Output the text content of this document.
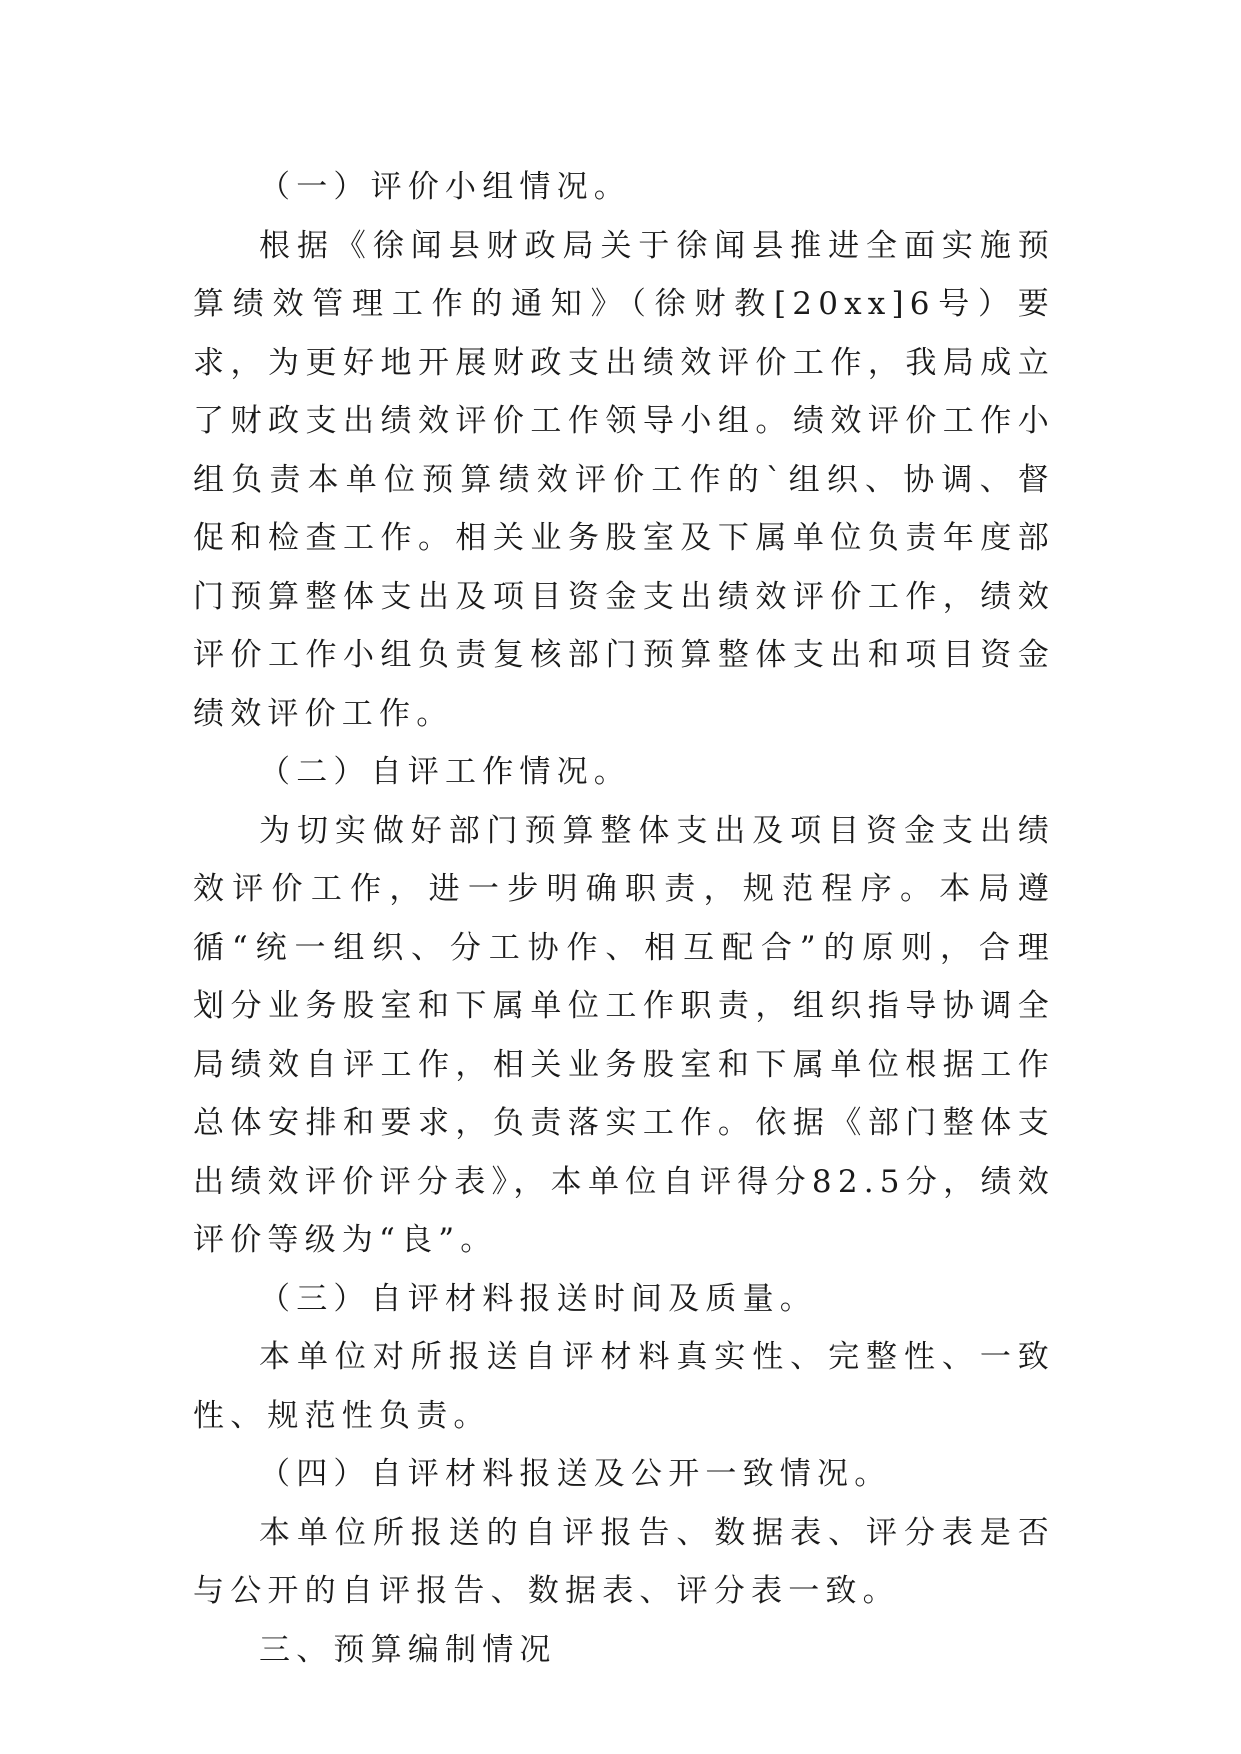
（一）评价小组情况。

根据《徐闻县财政局关于徐闻县推进全面实施预算绩效管理工作的通知》（徐财教[20xx]6号）要求，为更好地开展财政支出绩效评价工作，我局成立了财政支出绩效评价工作领导小组。绩效评价工作小组负责本单位预算绩效评价工作的`组织、协调、督促和检查工作。相关业务股室及下属单位负责年度部门预算整体支出及项目资金支出绩效评价工作，绩效评价工作小组负责复核部门预算整体支出和项目资金绩效评价工作。

（二）自评工作情况。

为切实做好部门预算整体支出及项目资金支出绩效评价工作，进一步明确职责，规范程序。本局遵循“统一组织、分工协作、相互配合”的原则，合理划分业务股室和下属单位工作职责，组织指导协调全局绩效自评工作，相关业务股室和下属单位根据工作总体安排和要求，负责落实工作。依据《部门整体支出绩效评价评分表》，本单位自评得分82.5分，绩效评价等级为“良”。

（三）自评材料报送时间及质量。

本单位对所报送自评材料真实性、完整性、一致性、规范性负责。

（四）自评材料报送及公开一致情况。

本单位所报送的自评报告、数据表、评分表是否与公开的自评报告、数据表、评分表一致。

三、预算编制情况
